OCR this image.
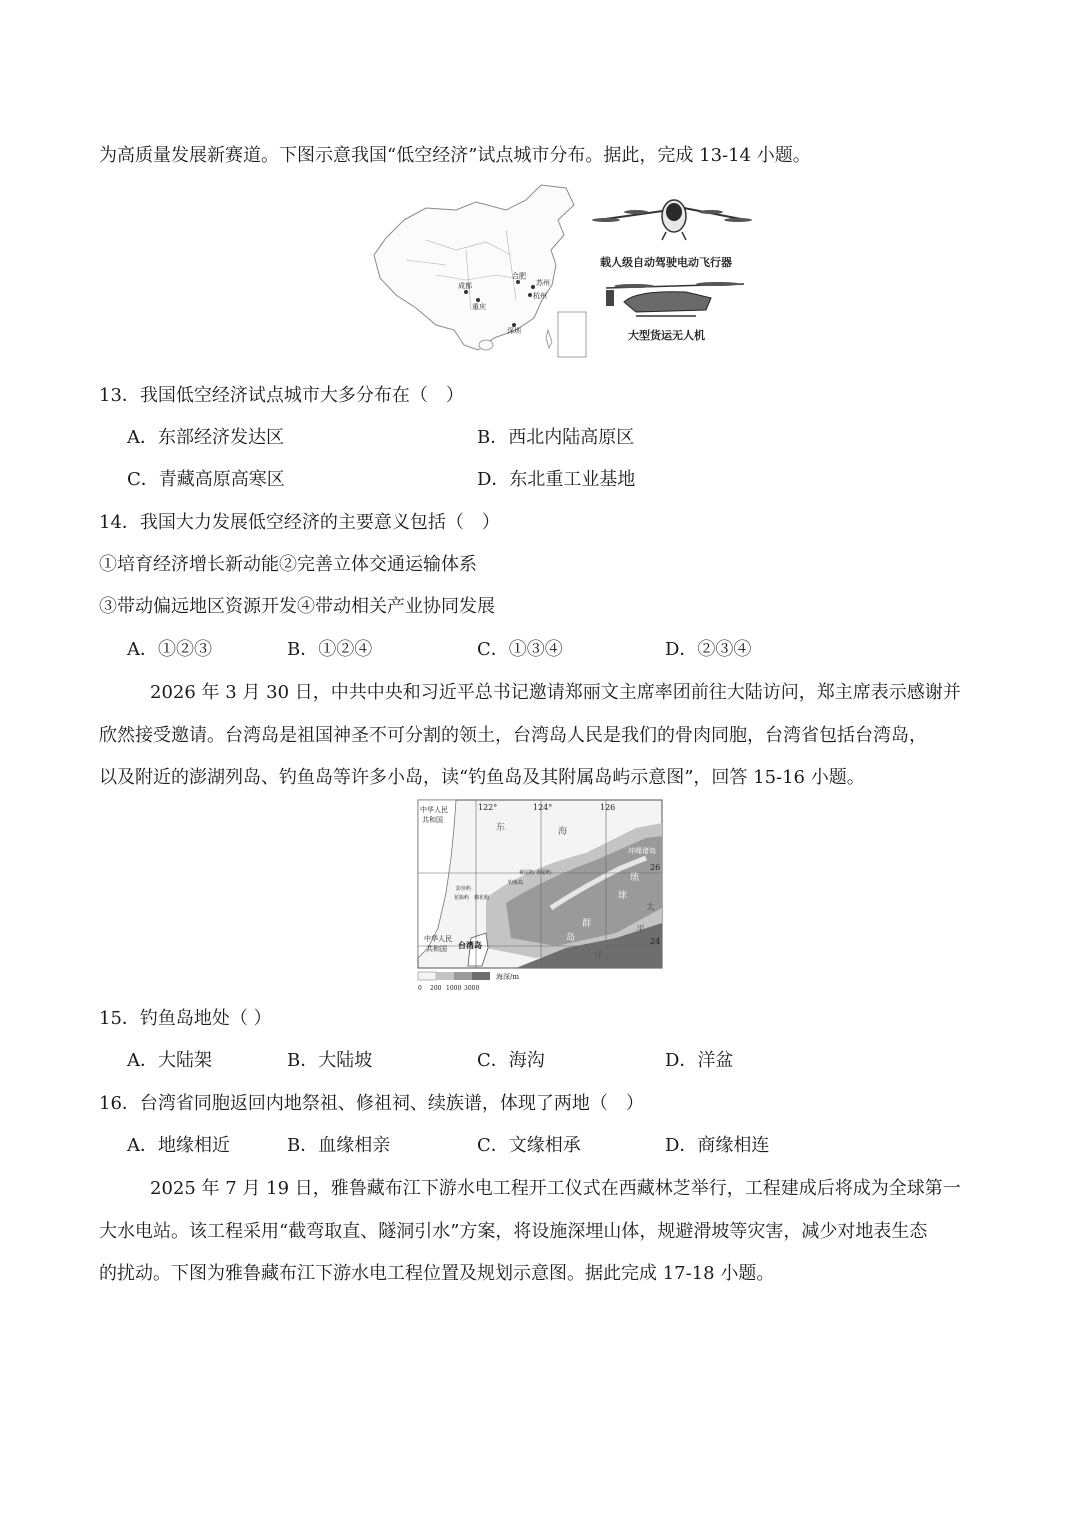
为高质量发展新赛道。下图示意我国“低空经济”试点城市分布。据此，完成 13-14 小题。
成都
重庆
合肥
苏州
杭州
深圳
载人级自动驾驶电动飞行器
大型货运无人机
13．我国低空经济试点城市大多分布在（　）
A．东部经济发达区	B．西北内陆高原区
C．青藏高原高寒区	D．东北重工业基地
14．我国大力发展低空经济的主要意义包括（　）
①培育经济增长新动能②完善立体交通运输体系
③带动偏远地区资源开发④带动相关产业协同发展
A．①②③	B．①②④	C．①③④	D．②③④
2026 年 3 月 30 日，中共中央和习近平总书记邀请郑丽文主席率团前往大陆访问，郑主席表示感谢并
欣然接受邀请。台湾岛是祖国神圣不可分割的领土，台湾岛人民是我们的骨肉同胞，台湾省包括台湾岛，
以及附近的澎湖列岛、钓鱼岛等许多小岛，读“钓鱼岛及其附属岛屿示意图”，回答 15-16 小题。
122°	124°	126
26
24
中华人民
共和国
中华人民
共和国
东	海
太
平
洋
台湾岛
钓鱼岛
赤尾屿
黄尾屿
彭佳屿
花瓶屿 棉花屿
冲绳诸岛
琉
球
群
岛
海深/m
0 200 1000 3000
15．钓鱼岛地处（ ）
A．大陆架	B．大陆坡	C．海沟	D．洋盆
16．台湾省同胞返回内地祭祖、修祖祠、续族谱，体现了两地（　）
A．地缘相近	B．血缘相亲	C．文缘相承	D．商缘相连
2025 年 7 月 19 日，雅鲁藏布江下游水电工程开工仪式在西藏林芝举行，工程建成后将成为全球第一
大水电站。该工程采用“截弯取直、隧洞引水”方案，将设施深埋山体，规避滑坡等灾害，减少对地表生态
的扰动。下图为雅鲁藏布江下游水电工程位置及规划示意图。据此完成 17-18 小题。
